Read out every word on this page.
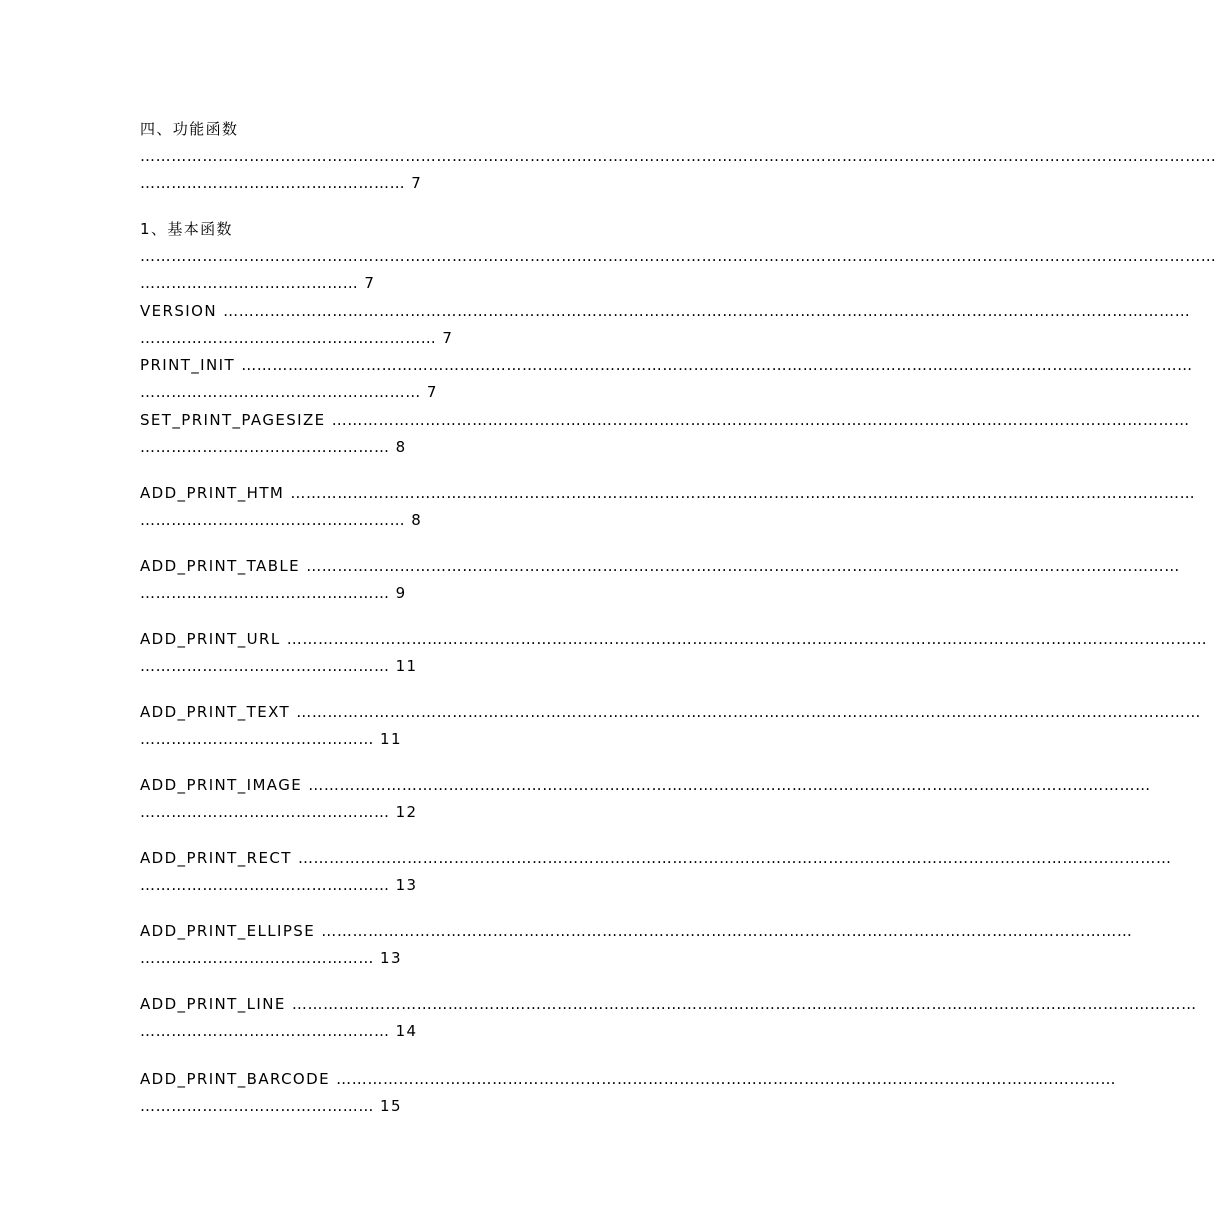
四、功能函数
………………………………………………………………………………………………………………………………………………………………………………………
…………………………………………… 7
1、基本函数
………………………………………………………………………………………………………………………………………………………………………………………
…………………………………… 7
VERSION ……………………………………………………………………………………………………………………………………………………………………
………………………………………………… 7
PRINT_INIT …………………………………………………………………………………………………………………………………………………………………
……………………………………………… 7
SET_PRINT_PAGESIZE …………………………………………………………………………………………………………………………………………………
………………………………………… 8
ADD_PRINT_HTM …………………………………………………………………………………………………………………………………………………………
…………………………………………… 8
ADD_PRINT_TABLE ……………………………………………………………………………………………………………………………………………………
………………………………………… 9
ADD_PRINT_URL ……………………………………………………………………………………………………………………………………………………………
………………………………………… 11
ADD_PRINT_TEXT …………………………………………………………………………………………………………………………………………………………
……………………………………… 11
ADD_PRINT_IMAGE ………………………………………………………………………………………………………………………………………………
………………………………………… 12
ADD_PRINT_RECT ……………………………………………………………………………………………………………………………………………………
………………………………………… 13
ADD_PRINT_ELLIPSE …………………………………………………………………………………………………………………………………………
……………………………………… 13
ADD_PRINT_LINE …………………………………………………………………………………………………………………………………………………………
………………………………………… 14
ADD_PRINT_BARCODE ……………………………………………………………………………………………………………………………………
……………………………………… 15
